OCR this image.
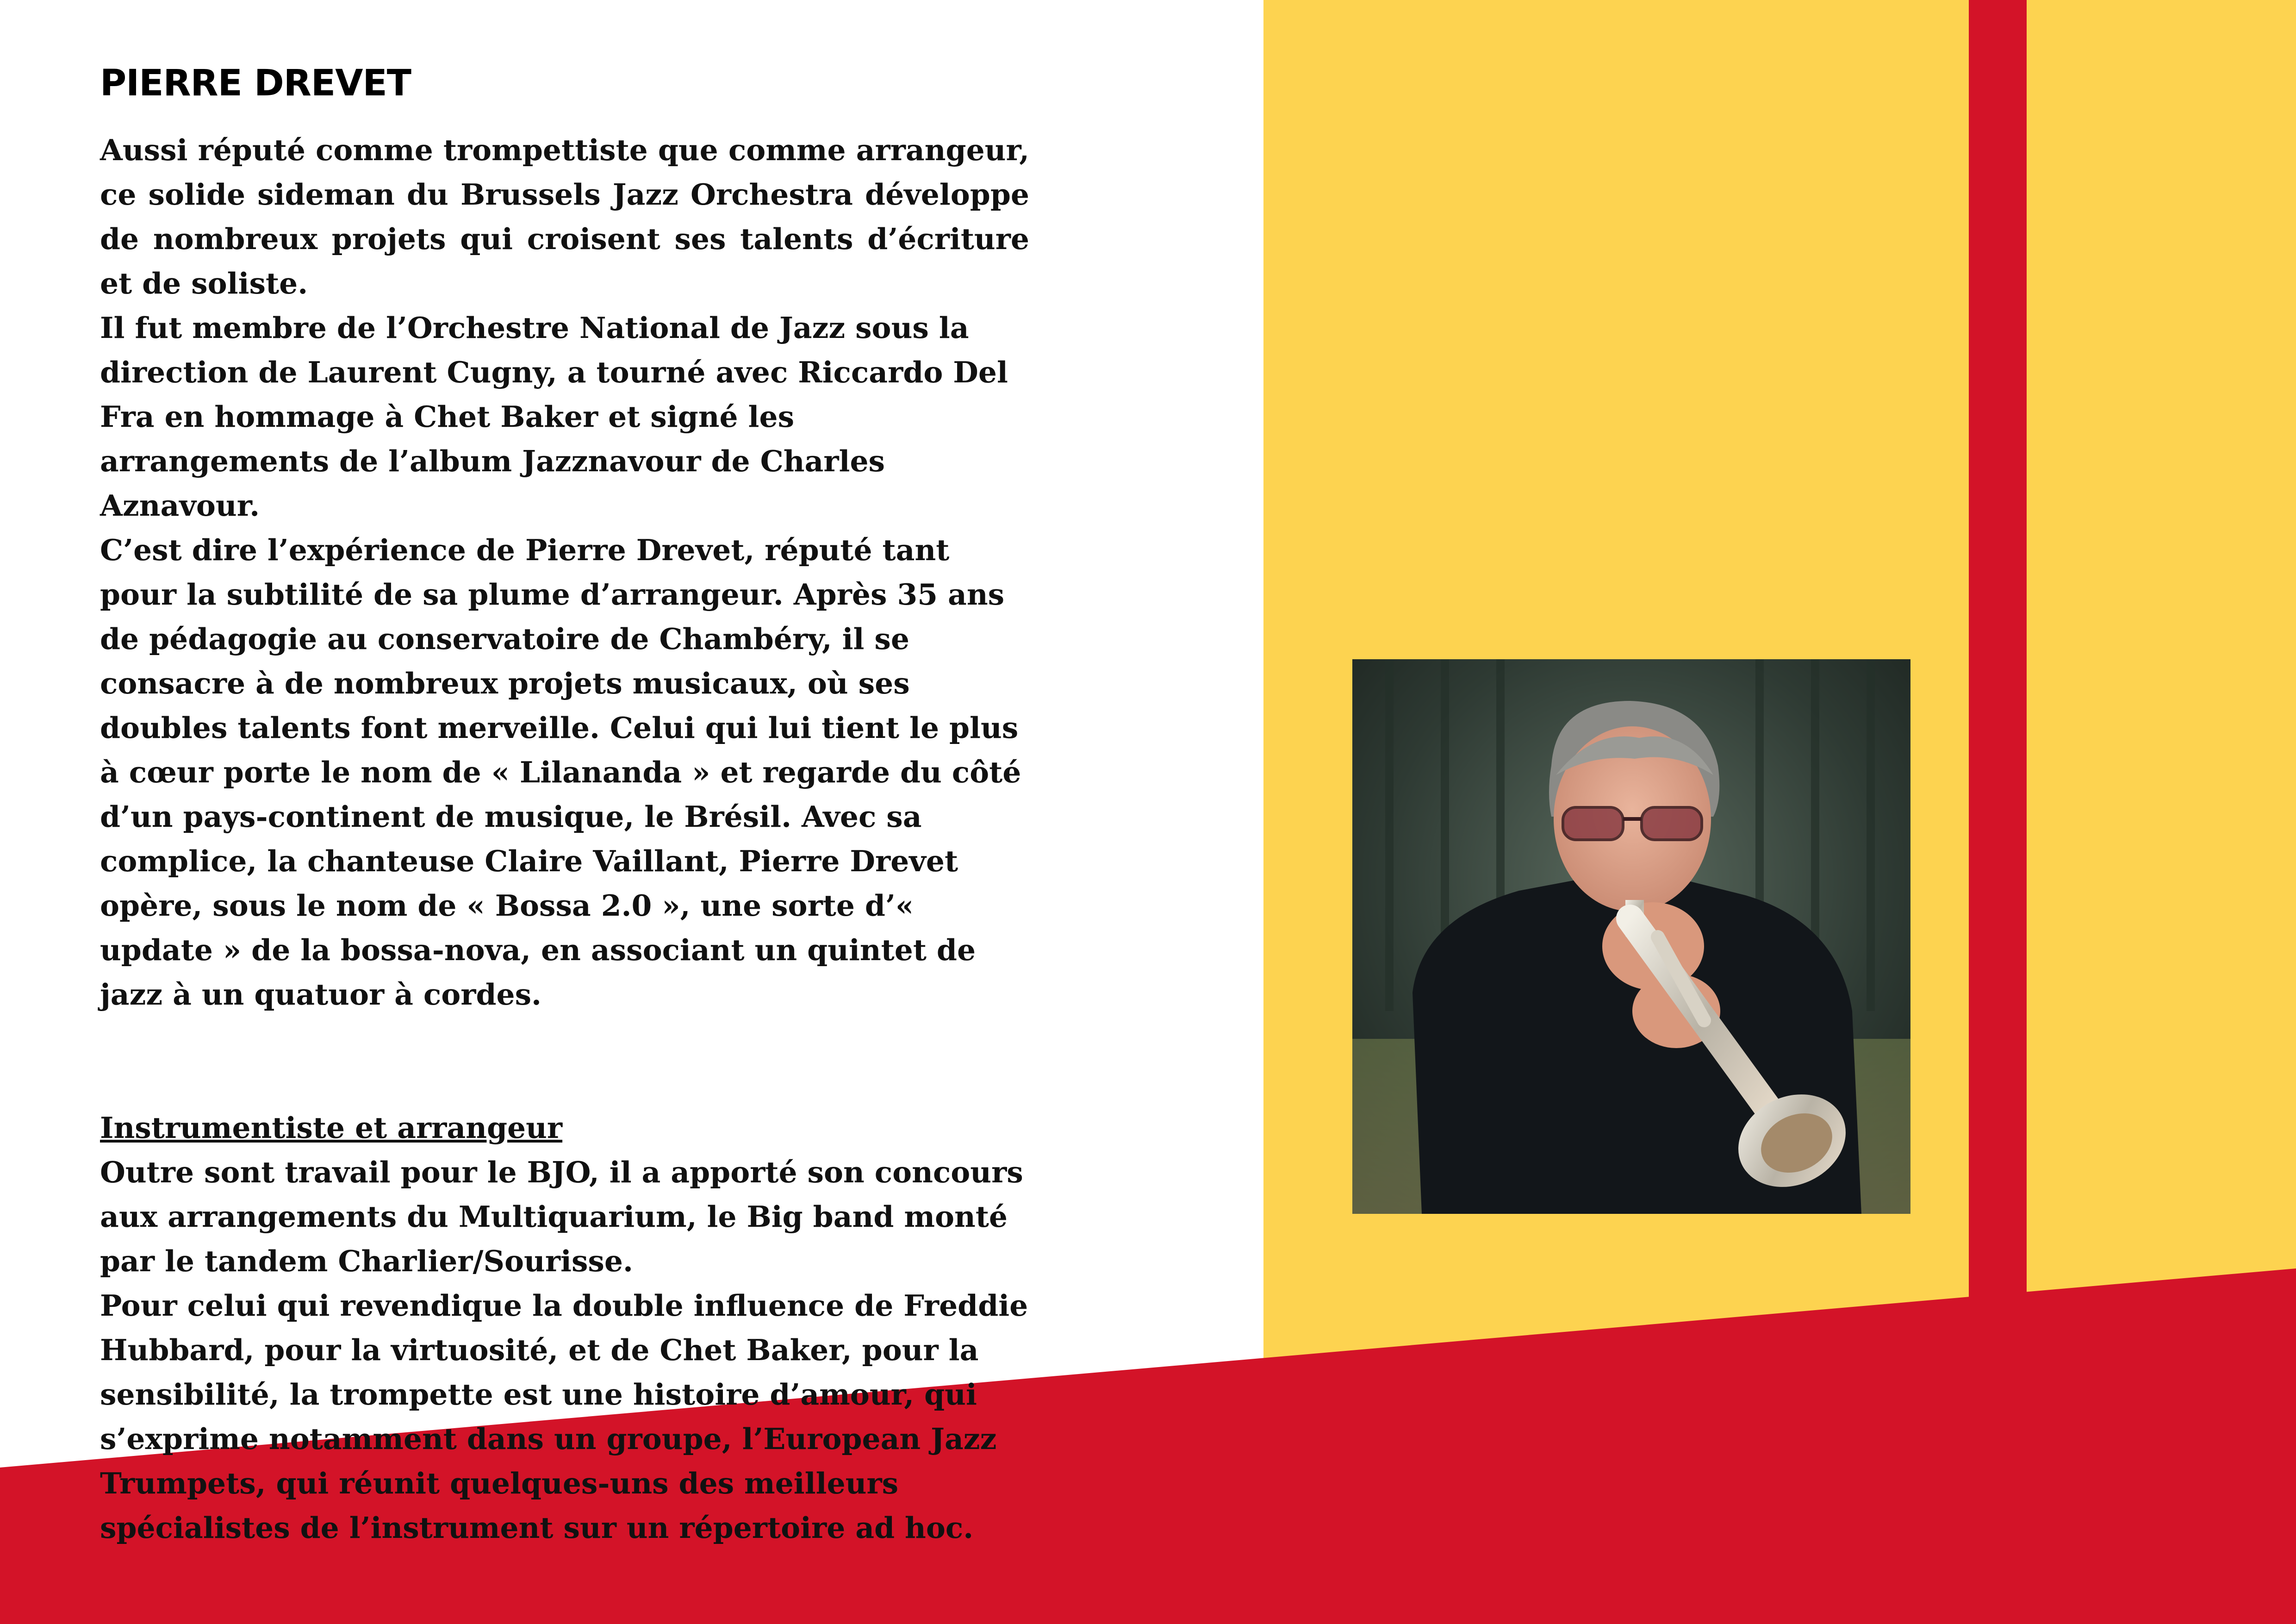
PIERRE DREVET

Aussi réputé comme trompettiste que comme arrangeur, ce solide sideman du Brussels Jazz Orchestra développe de nombreux projets qui croisent ses talents d’écriture et de soliste.

Il fut membre de l’Orchestre National de Jazz sous la direction de Laurent Cugny, a tourné avec Riccardo Del Fra en hommage à Chet Baker et signé les arrangements de l’album Jazznavour de Charles Aznavour.

C’est dire l’expérience de Pierre Drevet, réputé tant pour la subtilité de sa plume d’arrangeur. Après 35 ans de pédagogie au conservatoire de Chambéry, il se consacre à de nombreux projets musicaux, où ses doubles talents font merveille. Celui qui lui tient le plus à cœur porte le nom de « Lilananda » et regarde du côté d’un pays-continent de musique, le Brésil. Avec sa complice, la chanteuse Claire Vaillant, Pierre Drevet opère, sous le nom de « Bossa 2.0 », une sorte d’« update » de la bossa-nova, en associant un quintet de jazz à un quatuor à cordes.

Instrumentiste et arrangeur

Outre sont travail pour le BJO, il a apporté son concours aux arrangements du Multiquarium, le Big band monté par le tandem Charlier/Sourisse.

Pour celui qui revendique la double influence de Freddie Hubbard, pour la virtuosité, et de Chet Baker, pour la sensibilité, la trompette est une histoire d’amour, qui s’exprime notamment dans un groupe, l’European Jazz Trumpets, qui réunit quelques-uns des meilleurs spécialistes de l’instrument sur un répertoire ad hoc.
